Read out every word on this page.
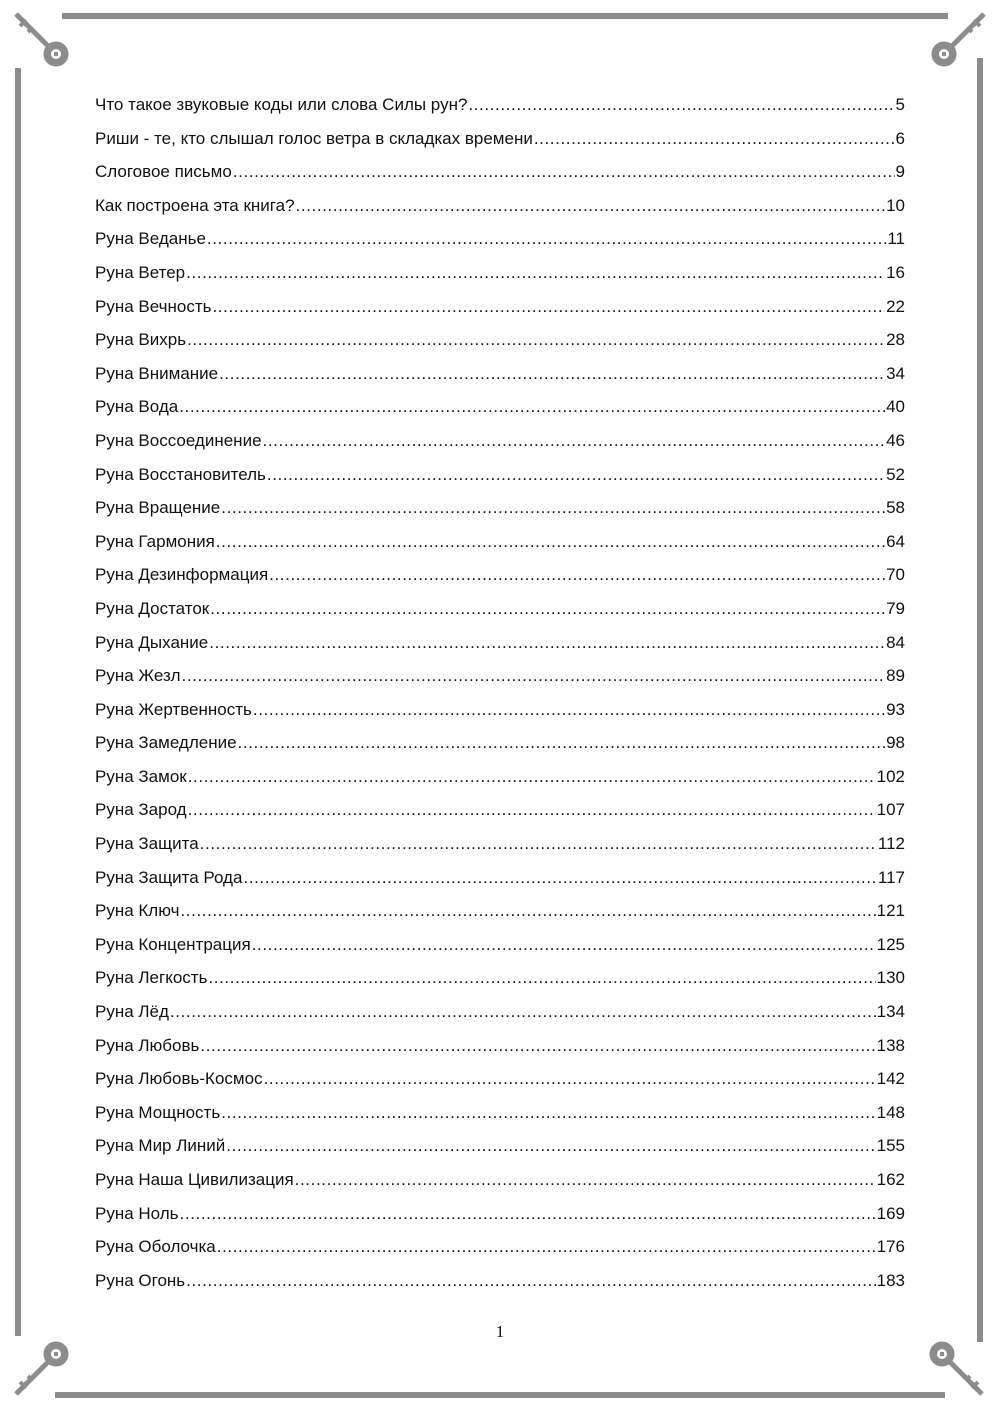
Что такое звуковые коды или слова Силы рун? .....	5
Риши - те, кто слышал голос ветра в складках времени .....	6
Слоговое письмо .....	9
Как построена эта книга? .....	10
Руна Веданье .....	11
Руна Ветер .....	16
Руна Вечность .....	22
Руна Вихрь .....	28
Руна Внимание .....	34
Руна Вода .....	40
Руна Воссоединение .....	46
Руна Восстановитель .....	52
Руна Вращение .....	58
Руна Гармония .....	64
Руна Дезинформация .....	70
Руна Достаток .....	79
Руна Дыхание .....	84
Руна Жезл .....	89
Руна Жертвенность .....	93
Руна Замедление .....	98
Руна Замок .....	102
Руна Зарод .....	107
Руна Защита .....	112
Руна Защита Рода .....	117
Руна Ключ .....	121
Руна Концентрация .....	125
Руна Легкость .....	130
Руна Лёд .....	134
Руна Любовь .....	138
Руна Любовь-Космос .....	142
Руна Мощность .....	148
Руна Мир Линий .....	155
Руна Наша Цивилизация .....	162
Руна Ноль .....	169
Руна Оболочка .....	176
Руна Огонь .....	183
1
